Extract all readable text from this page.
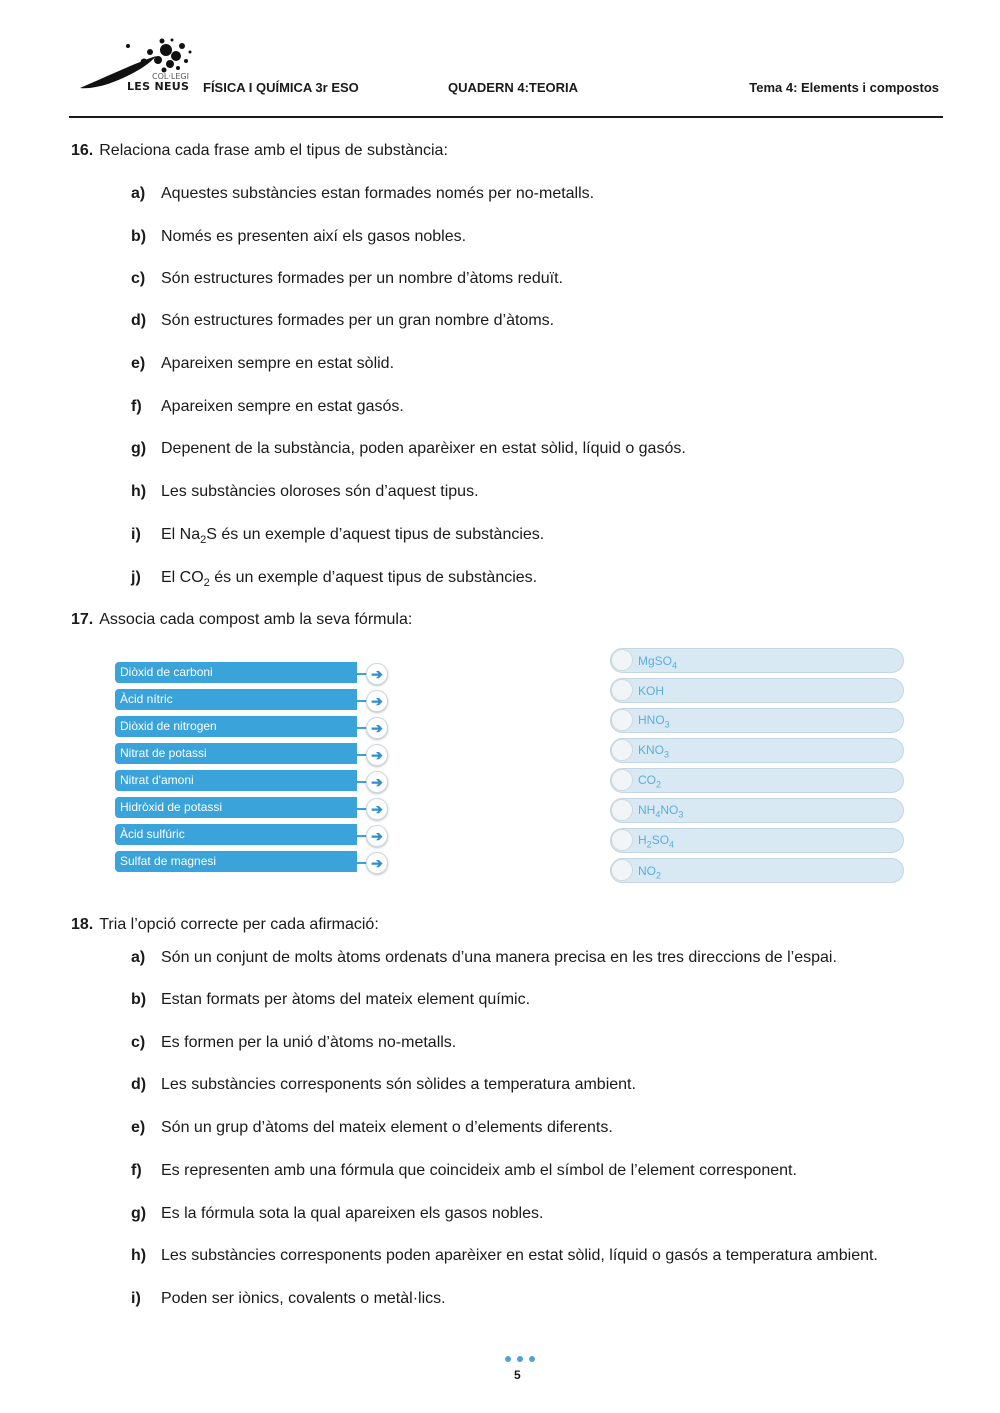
COL·LEGI
LES NEUS FÍSICA I QUÍMICA 3r ESO	QUADERN 4:TEORIA	Tema 4: Elements i compostos
16. Relaciona cada frase amb el tipus de substància:
a) Aquestes substàncies estan formades només per no-metalls.
b) Només es presenten així els gasos nobles.
c) Són estructures formades per un nombre d’àtoms reduït.
d) Són estructures formades per un gran nombre d’àtoms.
e) Apareixen sempre en estat sòlid.
f) Apareixen sempre en estat gasós.
g) Depenent de la substància, poden aparèixer en estat sòlid, líquid o gasós.
h) Les substàncies oloroses són d’aquest tipus.
i) El $Na_2S$ és un exemple d’aquest tipus de substàncies.
j) El $CO_2$ és un exemple d’aquest tipus de substàncies.
17. Associa cada compost amb la seva fórmula:
Diòxid de carboni
Àcid nítric
Diòxid de nitrogen
Nitrat de potassi
Nitrat d'amoni
Hidròxid de potassi
Àcid sulfúric
Sulfat de magnesi
➔
➔
➔
➔
➔
➔
➔
➔
MgSO$_4$
KOH
$HNO_3$
$KNO_3$
$CO_2$
$NH_4NO_3$
$H_2SO_4$
$NO_2$
18. Tria l’opció correcte per cada afirmació:
a) Són un conjunt de molts àtoms ordenats d’una manera precisa en les tres direccions de l’espai.
b) Estan formats per àtoms del mateix element químic.
c) Es formen per la unió d’àtoms no-metalls.
d) Les substàncies corresponents són sòlides a temperatura ambient.
e) Són un grup d’àtoms del mateix element o d’elements diferents.
f) Es representen amb una fórmula que coincideix amb el símbol de l’element corresponent.
g) Es la fórmula sota la qual apareixen els gasos nobles.
h) Les substàncies corresponents poden aparèixer en estat sòlid, líquid o gasós a temperatura ambient.
i) Poden ser iònics, covalents o metàl·lics.
5
